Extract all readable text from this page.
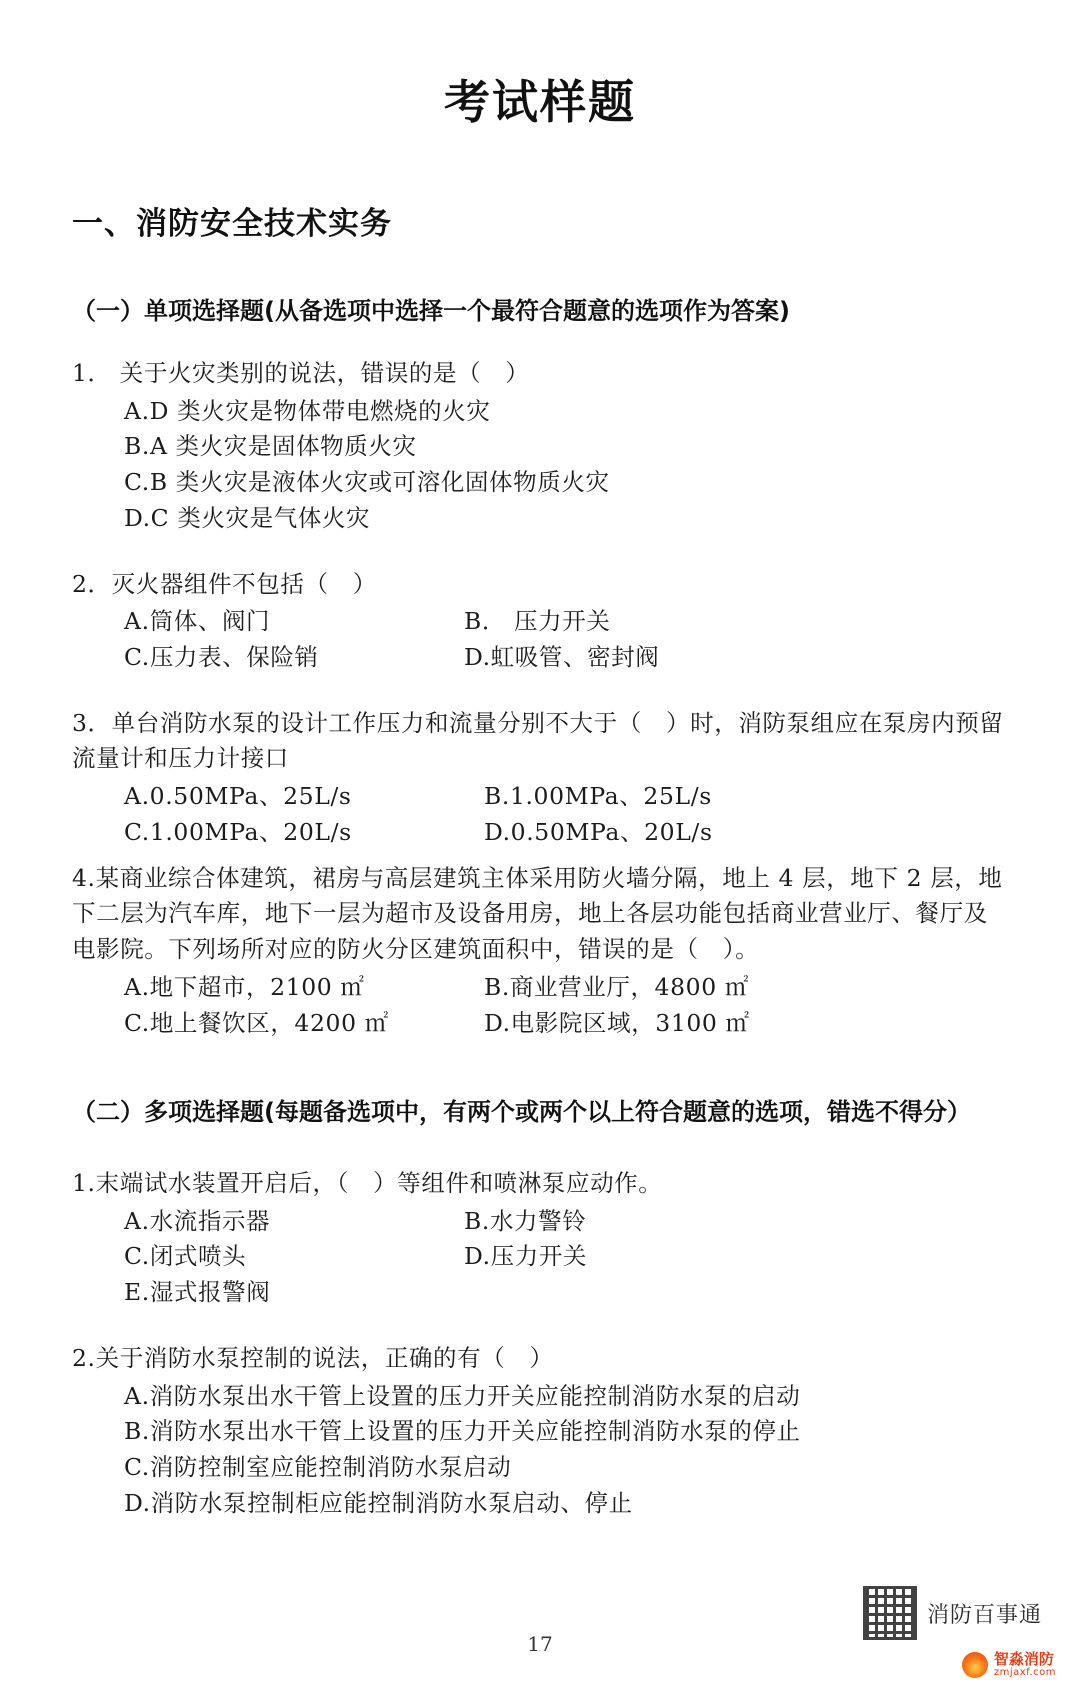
考试样题
一、消防安全技术实务
（一）单项选择题(从备选项中选择一个最符合题意的选项作为答案)
1． 关于火灾类别的说法，错误的是（   ）
A.D 类火灾是物体带电燃烧的火灾
B.A 类火灾是固体物质火灾
C.B 类火灾是液体火灾或可溶化固体物质火灾
D.C 类火灾是气体火灾
2．灭火器组件不包括（   ）
A.筒体、阀门	B． 压力开关
C.压力表、保险销	D.虹吸管、密封阀
3．单台消防水泵的设计工作压力和流量分别不大于（   ）时，消防泵组应在泵房内预留流量计和压力计接口
A.0.50MPa、25L/s	B.1.00MPa、25L/s
C.1.00MPa、20L/s	D.0.50MPa、20L/s
4.某商业综合体建筑，裙房与高层建筑主体采用防火墙分隔，地上 4 层，地下 2 层，地下二层为汽车库，地下一层为超市及设备用房，地上各层功能包括商业营业厅、餐厅及电影院。下列场所对应的防火分区建筑面积中，错误的是（   ）。
A.地下超市，2100 ㎡	B.商业营业厅，4800 ㎡
C.地上餐饮区，4200 ㎡	D.电影院区域，3100 ㎡
（二）多项选择题(每题备选项中，有两个或两个以上符合题意的选项，错选不得分）
1.末端试水装置开启后，（   ）等组件和喷淋泵应动作。
A.水流指示器	B.水力警铃
C.闭式喷头	D.压力开关
E.湿式报警阀
2.关于消防水泵控制的说法，正确的有（   ）
A.消防水泵出水干管上设置的压力开关应能控制消防水泵的启动
B.消防水泵出水干管上设置的压力开关应能控制消防水泵的停止
C.消防控制室应能控制消防水泵启动
D.消防水泵控制柜应能控制消防水泵启动、停止
17
消防百事通
智淼消防
zmjaxf.com
